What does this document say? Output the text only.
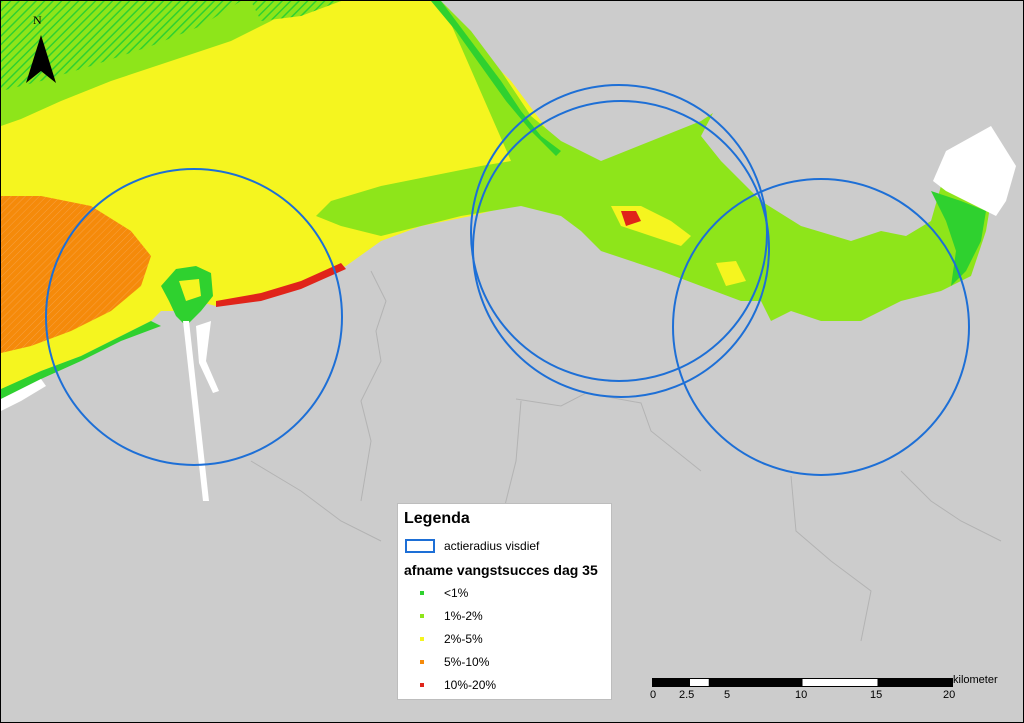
N
Legenda
actieradius visdief
afname vangstsucces dag 35
<1%
1%-2%
2%-5%
5%-10%
10%-20%
0 2.5	5	10	15	20
kilometer
